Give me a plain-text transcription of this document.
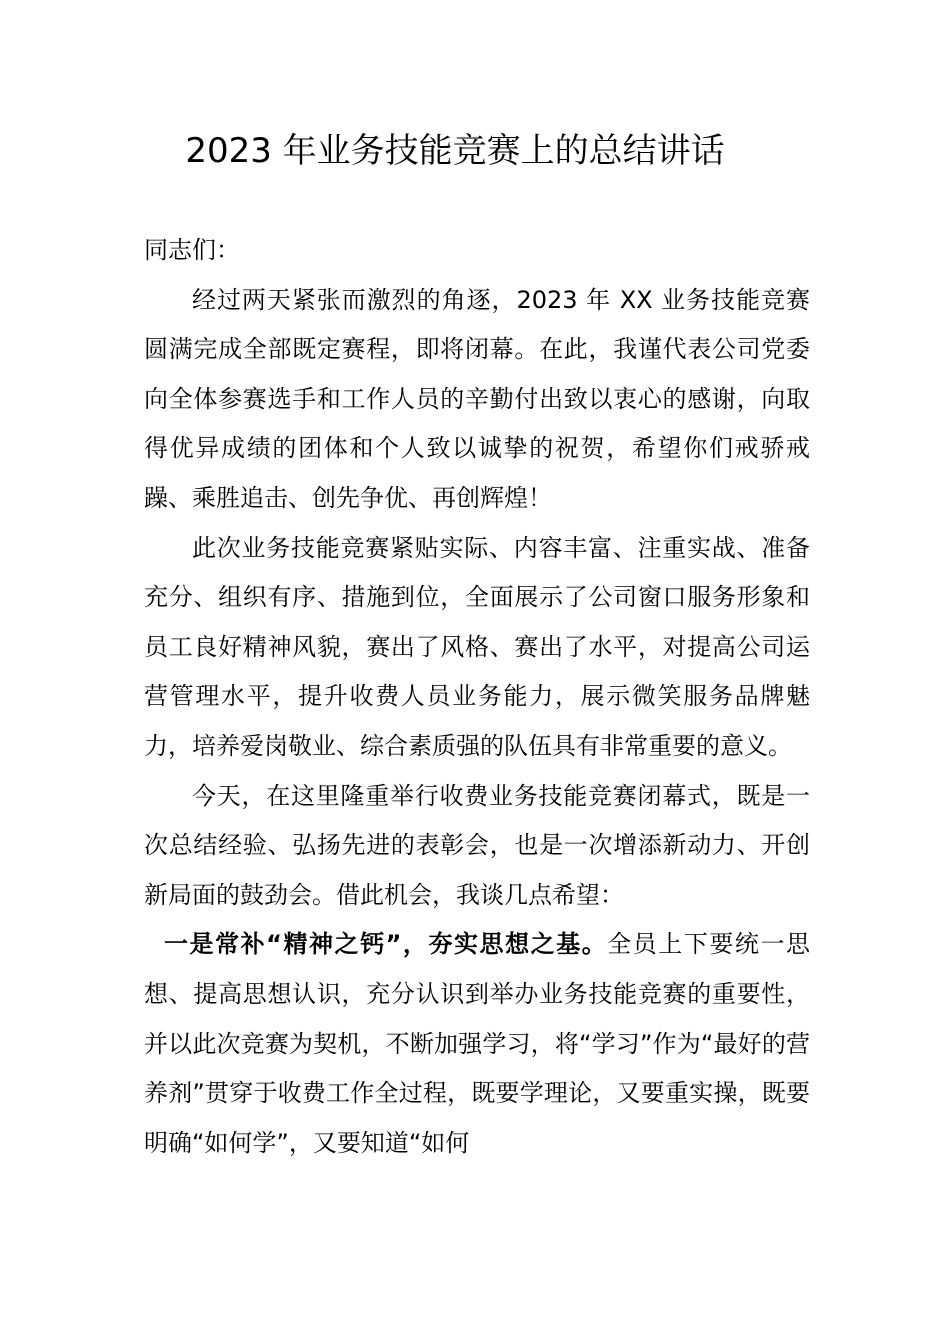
2023 年业务技能竞赛上的总结讲话

同志们：

经过两天紧张而激烈的角逐，2023 年 XX 业务技能竞赛圆满完成全部既定赛程，即将闭幕。在此，我谨代表公司党委向全体参赛选手和工作人员的辛勤付出致以衷心的感谢，向取得优异成绩的团体和个人致以诚挚的祝贺，希望你们戒骄戒躁、乘胜追击、创先争优、再创辉煌！

此次业务技能竞赛紧贴实际、内容丰富、注重实战、准备充分、组织有序、措施到位，全面展示了公司窗口服务形象和员工良好精神风貌，赛出了风格、赛出了水平，对提高公司运营管理水平，提升收费人员业务能力，展示微笑服务品牌魅力，培养爱岗敬业、综合素质强的队伍具有非常重要的意义。

今天，在这里隆重举行收费业务技能竞赛闭幕式，既是一次总结经验、弘扬先进的表彰会，也是一次增添新动力、开创新局面的鼓劲会。借此机会，我谈几点希望：

一是常补“精神之钙”，夯实思想之基。全员上下要统一思想、提高思想认识，充分认识到举办业务技能竞赛的重要性，并以此次竞赛为契机，不断加强学习，将“学习”作为“最好的营养剂”贯穿于收费工作全过程，既要学理论，又要重实操，既要明确“如何学”，又要知道“如何
